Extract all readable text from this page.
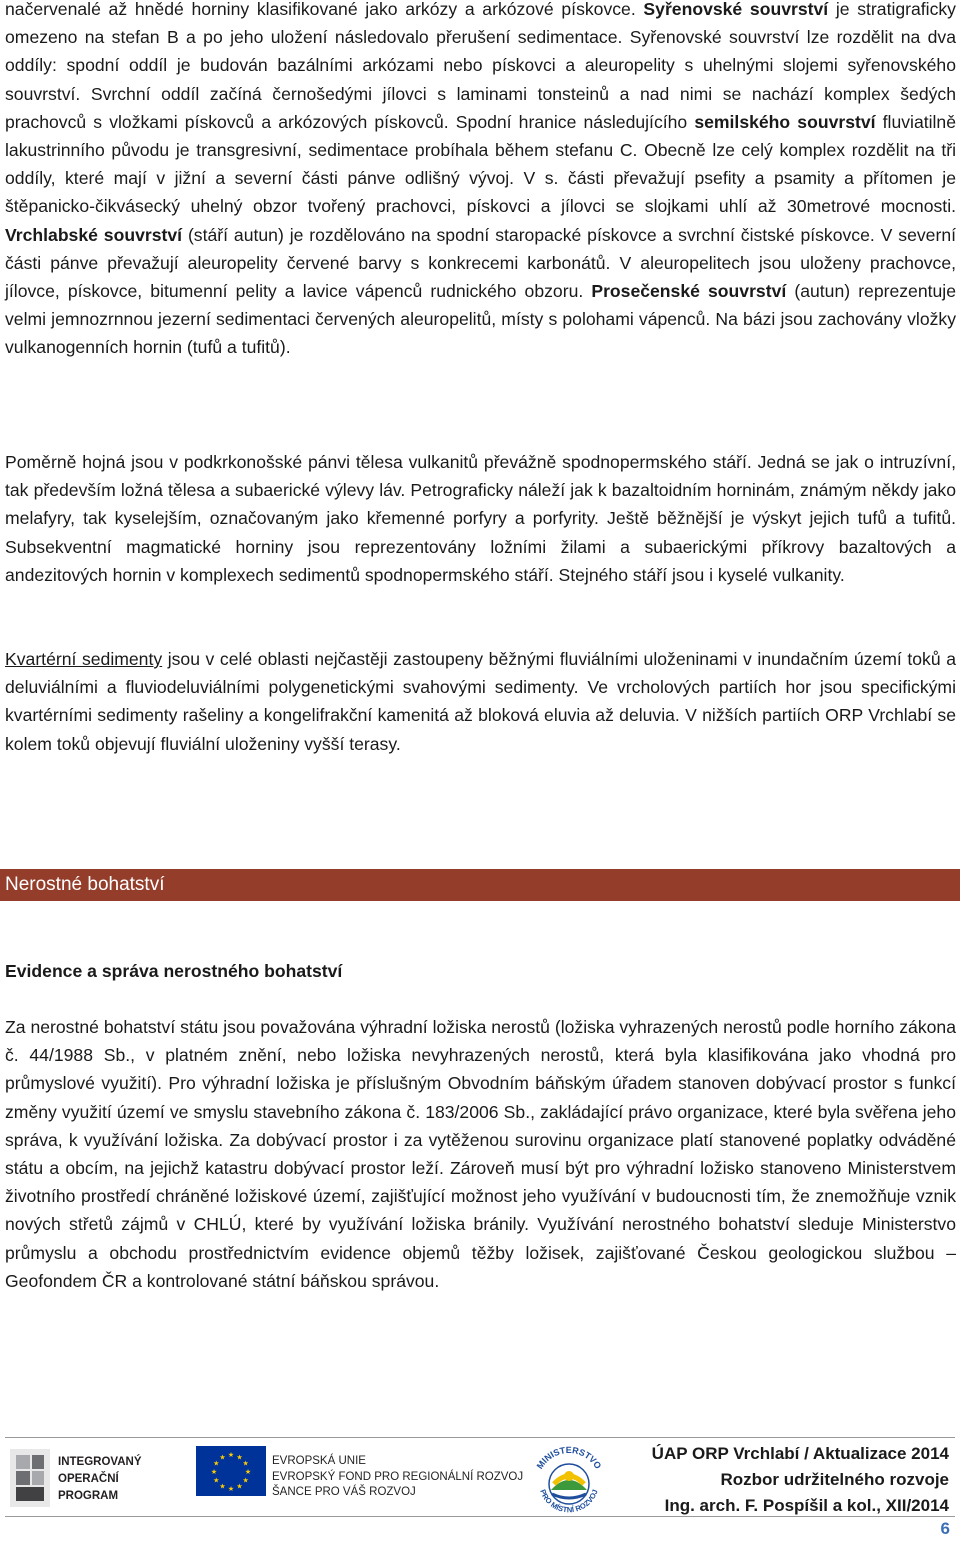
načervenalé až hnědé horniny klasifikované jako arkózy a arkózové pískovce. Syřenovské souvrství je stratigraficky omezeno na stefan B a po jeho uložení následovalo přerušení sedimentace. Syřenovské souvrství lze rozdělit na dva oddíly: spodní oddíl je budován bazálními arkózami nebo pískovci a aleuropelity s uhelnými slojemi syřenovského souvrství. Svrchní oddíl začíná černošedými jílovci s laminami tonsteinů a nad nimi se nachází komplex šedých prachovců s vložkami pískovců a arkózových pískovců. Spodní hranice následujícího semilského souvrství fluviatilně lakustrinního původu je transgresivní, sedimentace probíhala během stefanu C. Obecně lze celý komplex rozdělit na tři oddíly, které mají v jižní a severní části pánve odlišný vývoj. V s. části převažují psefity a psamity a přítomen je štěpanicko-čikvásecký uhelný obzor tvořený prachovci, pískovci a jílovci se slojkami uhlí až 30metrové mocnosti. Vrchlabské souvrství (stáří autun) je rozdělováno na spodní staropacké pískovce a svrchní čistské pískovce. V severní části pánve převažují aleuropelity červené barvy s konkrecemi karbonátů. V aleuropelitech jsou uloženy prachovce, jílovce, pískovce, bitumenní pelity a lavice vápenců rudnického obzoru. Prosečenské souvrství (autun) reprezentuje velmi jemnozrnnou jezerní sedimentaci červených aleuropelitů, místy s polohami vápenců. Na bázi jsou zachovány vložky vulkanogenních hornin (tufů a tufitů).

Poměrně hojná jsou v podkrkonošské pánvi tělesa vulkanitů převážně spodnopermského stáří. Jedná se jak o intruzívní, tak především ložná tělesa a subaerické výlevy láv. Petrograficky náleží jak k bazaltoidním horninám, známým někdy jako melafyry, tak kyselejším, označovaným jako křemenné porfyry a porfyrity. Ještě běžnější je výskyt jejich tufů a tufitů. Subsekventní magmatické horniny jsou reprezentovány ložními žilami a subaerickými příkrovy bazaltových a andezitových hornin v komplexech sedimentů spodnopermského stáří. Stejného stáří jsou i kyselé vulkanity.

Kvartérní sedimenty jsou v celé oblasti nejčastěji zastoupeny běžnými fluviálními uloženinami v inundačním území toků a deluviálními a fluviodeluviálními polygenetickými svahovými sedimenty. Ve vrcholových partiích hor jsou specifickými kvartérními sedimenty rašeliny a kongelifrakční kamenitá až bloková eluvia až deluvia. V nižších partiích ORP Vrchlabí se kolem toků objevují fluviální uloženiny vyšší terasy.

Nerostné bohatství
Evidence a správa nerostného bohatství

Za nerostné bohatství státu jsou považována výhradní ložiska nerostů (ložiska vyhrazených nerostů podle horního zákona č. 44/1988 Sb., v platném znění, nebo ložiska nevyhrazených nerostů, která byla klasifikována jako vhodná pro průmyslové využití). Pro výhradní ložiska je příslušným Obvodním báňským úřadem stanoven dobývací prostor s funkcí změny využití území ve smyslu stavebního zákona č. 183/2006 Sb., zakládající právo organizace, které byla svěřena jeho správa, k využívání ložiska. Za dobývací prostor i za vytěženou surovinu organizace platí stanovené poplatky odváděné státu a obcím, na jejichž katastru dobývací prostor leží. Zároveň musí být pro výhradní ložisko stanoveno Ministerstvem životního prostředí chráněné ložiskové území, zajišťující možnost jeho využívání v budoucnosti tím, že znemožňuje vznik nových střetů zájmů v CHLÚ, které by využívání ložiska bránily. Využívání nerostného bohatství sleduje Ministerstvo průmyslu a obchodu prostřednictvím evidence objemů těžby ložisek, zajišťované Českou geologickou službou – Geofondem ČR a kontrolované státní báňskou správou.

INTEGROVANÝ
OPERAČNÍ
PROGRAM
★ ★
★
★
★
★
★
★
★
★
★
★	EVROPSKÁ UNIE
EVROPSKÝ FOND PRO REGIONÁLNÍ ROZVOJ
ŠANCE PRO VÁŠ ROZVOJ
MINISTERSTVO
PRO MÍSTNÍ ROZVOJ
ÚAP ORP Vrchlabí / Aktualizace 2014
Rozbor udržitelného rozvoje
Ing. arch. F. Pospíšil a kol., XII/2014
6
